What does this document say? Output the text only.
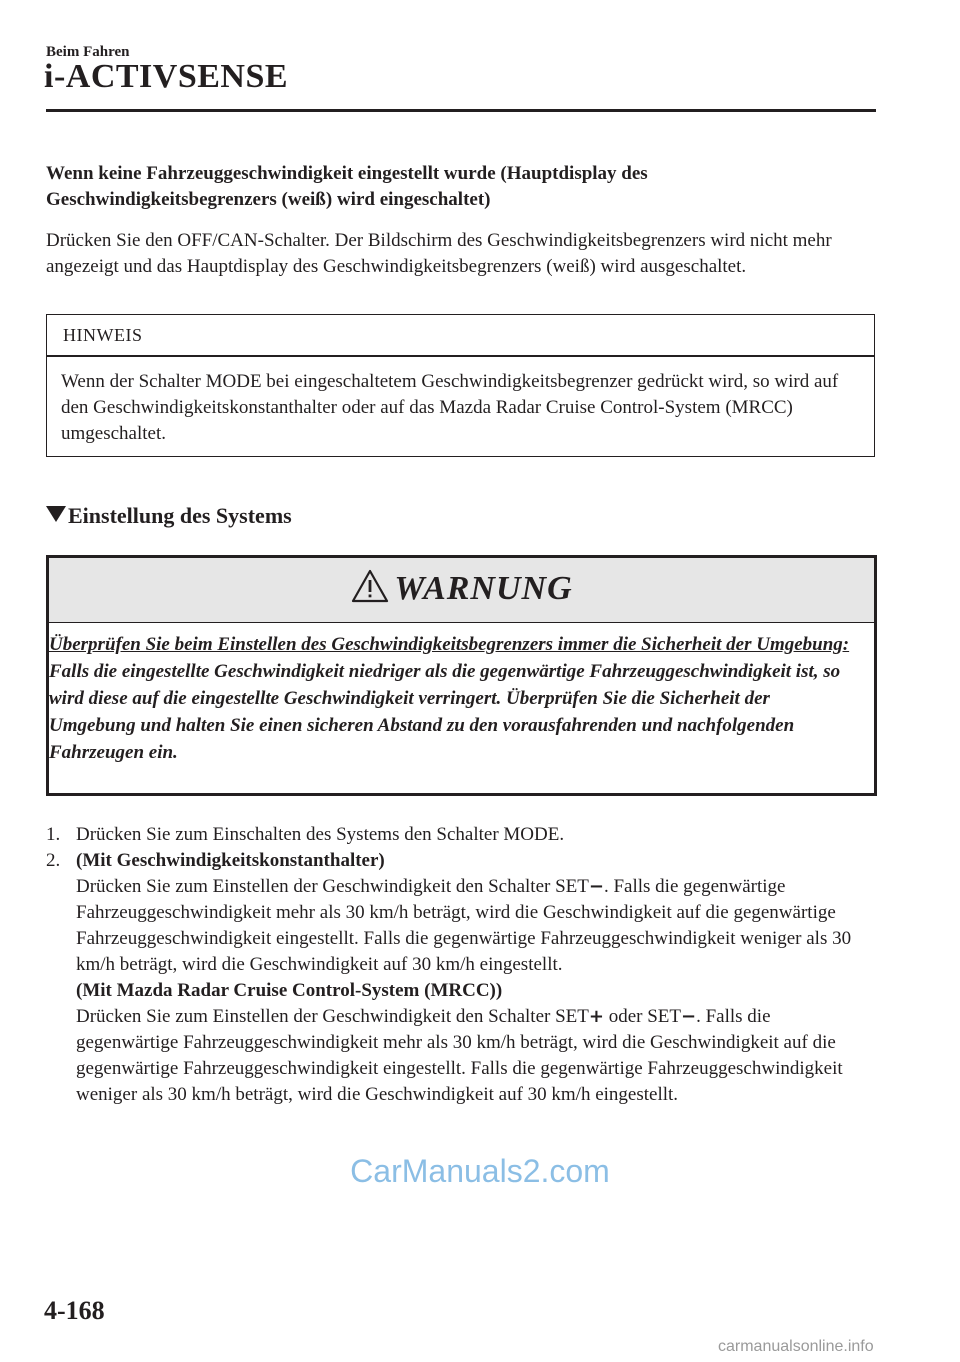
Beim Fahren
i-ACTIVSENSE
Wenn keine Fahrzeuggeschwindigkeit eingestellt wurde (Hauptdisplay des Geschwindigkeitsbegrenzers (weiß) wird eingeschaltet)
Drücken Sie den OFF/CAN-Schalter. Der Bildschirm des Geschwindigkeitsbegrenzers wird nicht mehr angezeigt und das Hauptdisplay des Geschwindigkeitsbegrenzers (weiß) wird ausgeschaltet.
HINWEIS
Wenn der Schalter MODE bei eingeschaltetem Geschwindigkeitsbegrenzer gedrückt wird, so wird auf den Geschwindigkeitskonstanthalter oder auf das Mazda Radar Cruise Control-System (MRCC) umgeschaltet.
Einstellung des Systems
WARNUNG
Überprüfen Sie beim Einstellen des Geschwindigkeitsbegrenzers immer die Sicherheit der Umgebung:
Falls die eingestellte Geschwindigkeit niedriger als die gegenwärtige Fahrzeuggeschwindigkeit ist, so wird diese auf die eingestellte Geschwindigkeit verringert. Überprüfen Sie die Sicherheit der Umgebung und halten Sie einen sicheren Abstand zu den vorausfahrenden und nachfolgenden Fahrzeugen ein.
1. Drücken Sie zum Einschalten des Systems den Schalter MODE.
2. (Mit Geschwindigkeitskonstanthalter)
Drücken Sie zum Einstellen der Geschwindigkeit den Schalter SET−. Falls die gegenwärtige Fahrzeuggeschwindigkeit mehr als 30 km/h beträgt, wird die Geschwindigkeit auf die gegenwärtige Fahrzeuggeschwindigkeit eingestellt. Falls die gegenwärtige Fahrzeuggeschwindigkeit weniger als 30 km/h beträgt, wird die Geschwindigkeit auf 30 km/h eingestellt.
(Mit Mazda Radar Cruise Control-System (MRCC))
Drücken Sie zum Einstellen der Geschwindigkeit den Schalter SET+ oder SET−. Falls die gegenwärtige Fahrzeuggeschwindigkeit mehr als 30 km/h beträgt, wird die Geschwindigkeit auf die gegenwärtige Fahrzeuggeschwindigkeit eingestellt. Falls die gegenwärtige Fahrzeuggeschwindigkeit weniger als 30 km/h beträgt, wird die Geschwindigkeit auf 30 km/h eingestellt.
CarManuals2.com
4-168
carmanualsonline.info
